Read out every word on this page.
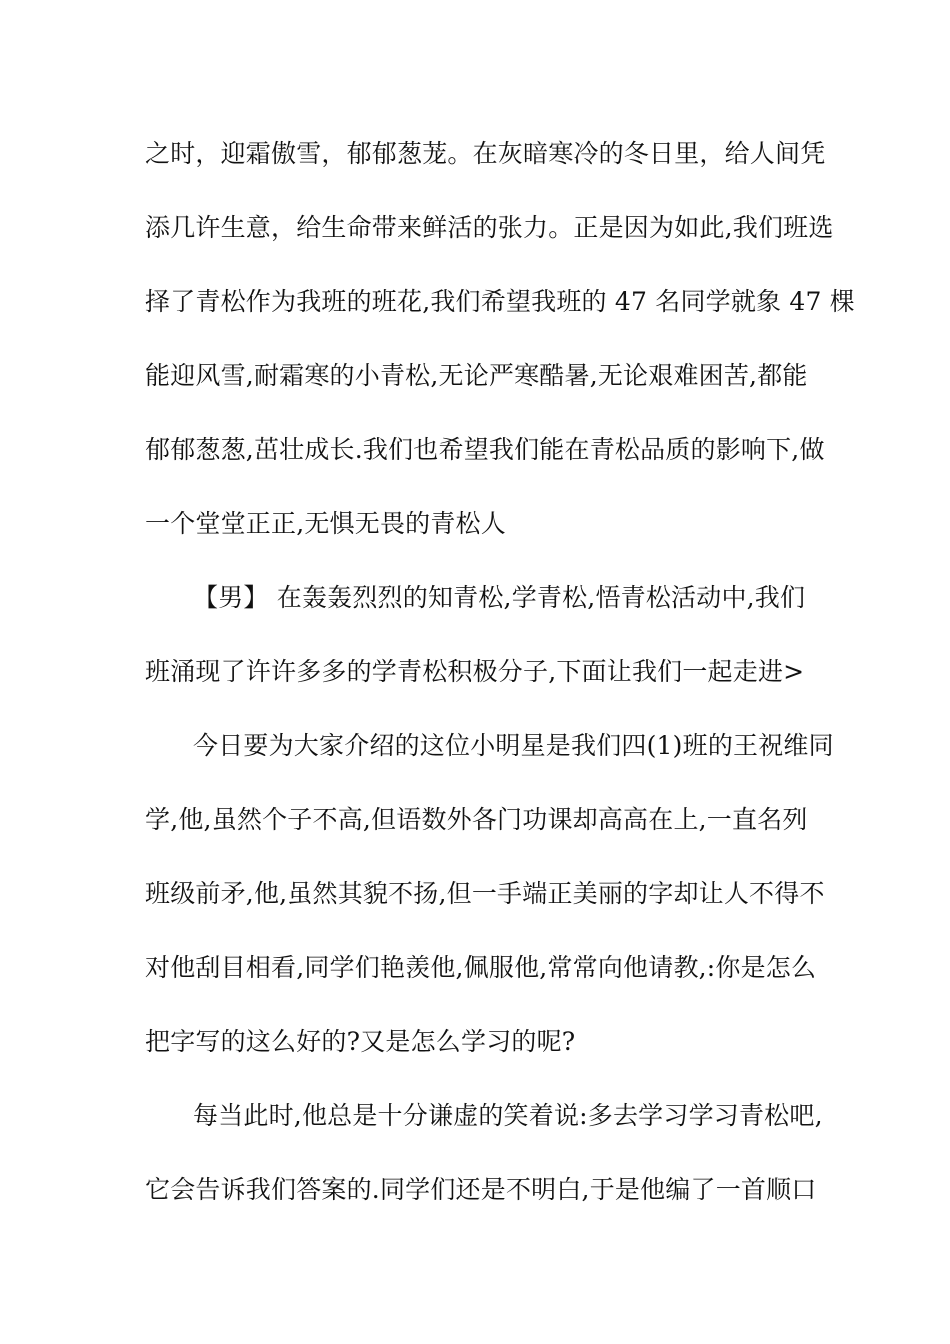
之时，迎霜傲雪，郁郁葱茏。在灰暗寒冷的冬日里，给人间凭
添几许生意，给生命带来鲜活的张力。正是因为如此,我们班选
择了青松作为我班的班花,我们希望我班的 47 名同学就象 47 棵
能迎风雪,耐霜寒的小青松,无论严寒酷暑,无论艰难困苦,都能
郁郁葱葱,茁壮成长.我们也希望我们能在青松品质的影响下,做
一个堂堂正正,无惧无畏的青松人
【男】 在轰轰烈烈的知青松,学青松,悟青松活动中,我们
班涌现了许许多多的学青松积极分子,下面让我们一起走进>
今日要为大家介绍的这位小明星是我们四(1)班的王祝维同
学,他,虽然个子不高,但语数外各门功课却高高在上,一直名列
班级前矛,他,虽然其貌不扬,但一手端正美丽的字却让人不得不
对他刮目相看,同学们艳羡他,佩服他,常常向他请教,:你是怎么
把字写的这么好的?又是怎么学习的呢?
每当此时,他总是十分谦虚的笑着说:多去学习学习青松吧,
它会告诉我们答案的.同学们还是不明白,于是他编了一首顺口
